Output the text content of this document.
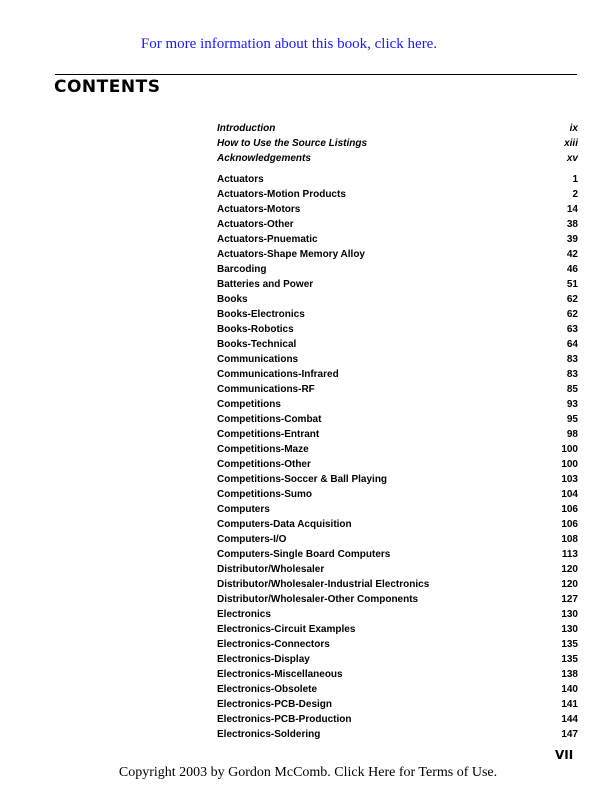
For more information about this book, click here.
CONTENTS
Introduction	ix
How to Use the Source Listings	xiii
Acknowledgements	xv
Actuators	1
Actuators-Motion Products	2
Actuators-Motors	14
Actuators-Other	38
Actuators-Pnuematic	39
Actuators-Shape Memory Alloy	42
Barcoding	46
Batteries and Power	51
Books	62
Books-Electronics	62
Books-Robotics	63
Books-Technical	64
Communications	83
Communications-Infrared	83
Communications-RF	85
Competitions	93
Competitions-Combat	95
Competitions-Entrant	98
Competitions-Maze	100
Competitions-Other	100
Competitions-Soccer & Ball Playing	103
Competitions-Sumo	104
Computers	106
Computers-Data Acquisition	106
Computers-I/O	108
Computers-Single Board Computers	113
Distributor/Wholesaler	120
Distributor/Wholesaler-Industrial Electronics	120
Distributor/Wholesaler-Other Components	127
Electronics	130
Electronics-Circuit Examples	130
Electronics-Connectors	135
Electronics-Display	135
Electronics-Miscellaneous	138
Electronics-Obsolete	140
Electronics-PCB-Design	141
Electronics-PCB-Production	144
Electronics-Soldering	147
VII
Copyright 2003 by Gordon McComb. Click Here for Terms of Use.
